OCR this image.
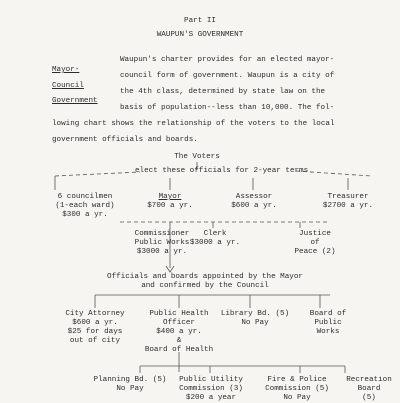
Part II
WAUPUN'S GOVERNMENT
Mayor-
Council
Government
Waupun's charter provides for an elected mayor-
council form of government. Waupun is a city of
the 4th class, determined by state law on the
basis of population--less than 10,000. The fol-
lowing chart shows the relationship of the voters to the local
government officials and boards.
The Voters
elect these officials for 2-year terms
6 councilmen
(1-each ward)
$300 a yr.
Mayor
$700 a yr.
Assessor
$600 a yr.
Treasurer
$2700 a yr.
Commissioner
Public Works
$3000 a yr.
Clerk
$3000 a yr.
Justice
of
Peace (2)
Officials and boards appointed by the Mayor
and confirmed by the Council
City Attorney
$600 a yr.
$25 for days
out of city
Public Health
Officer
$400 a yr.
&
Board of Health
Library Bd. (5)
No Pay
Board of
Public
Works
Planning Bd. (5)
No Pay
Public Utility
Commission (3)
$200 a year
Fire & Police
Commission (5)
No Pay
Recreation
Board
(5)
